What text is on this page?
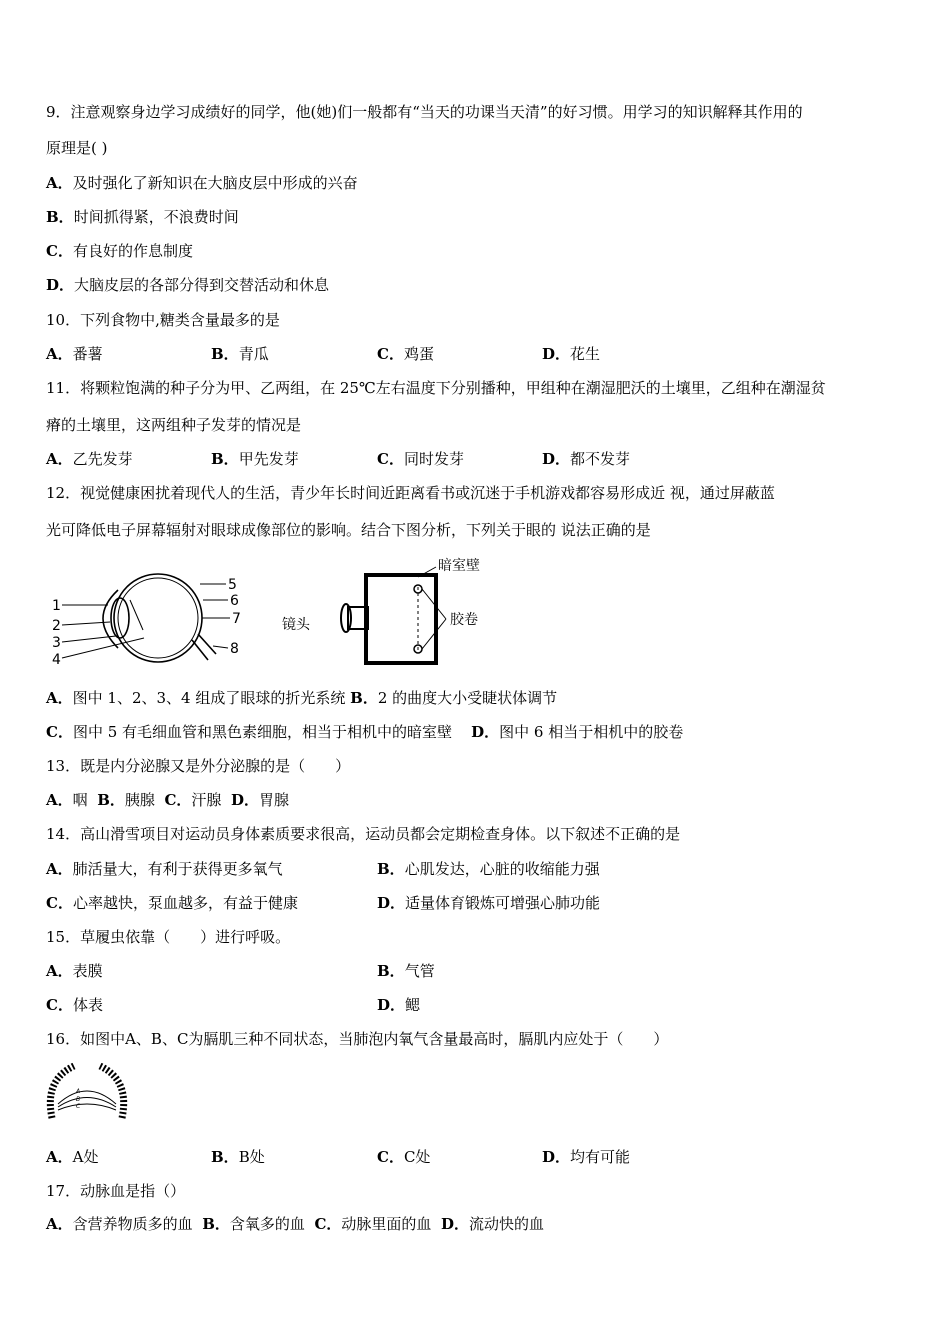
9．注意观察身边学习成绩好的同学，他(她)们一般都有“当天的功课当天清”的好习惯。用学习的知识解释其作用的
原理是( )
A．及时强化了新知识在大脑皮层中形成的兴奋
B．时间抓得紧，不浪费时间
C．有良好的作息制度
D．大脑皮层的各部分得到交替活动和休息
10．下列食物中,糖类含量最多的是
A．番薯	B．青瓜	C．鸡蛋	D．花生
11．将颗粒饱满的种子分为甲、乙两组，在 25℃左右温度下分别播种，甲组种在潮湿肥沃的土壤里，乙组种在潮湿贫
瘠的土壤里，这两组种子发芽的情况是
A．乙先发芽	B．甲先发芽	C．同时发芽	D．都不发芽
12．视觉健康困扰着现代人的生活，青少年长时间近距离看书或沉迷于手机游戏都容易形成近 视，通过屏蔽蓝
光可降低电子屏幕辐射对眼球成像部位的影响。结合下图分析，下列关于眼的 说法正确的是
1
2
3
4
5
6
7
8
暗室壁
镜头	胶卷
A．图中 1、2、3、4 组成了眼球的折光系统 B．2 的曲度大小受睫状体调节
C．图中 5 有毛细血管和黑色素细胞，相当于相机中的暗室壁 D．图中 6 相当于相机中的胶卷
13．既是内分泌腺又是外分泌腺的是（　　）
A．咽 B．胰腺 C．汗腺 D．胃腺
14．高山滑雪项目对运动员身体素质要求很高，运动员都会定期检查身体。以下叙述不正确的是
A．肺活量大，有利于获得更多氧气	B．心肌发达，心脏的收缩能力强
C．心率越快，泵血越多，有益于健康	D．适量体育锻炼可增强心肺功能
15．草履虫依靠（　　）进行呼吸。
A．表膜	B．气管
C．体表	D．鳃
16．如图中A、B、C为膈肌三种不同状态，当肺泡内氧气含量最高时，膈肌内应处于（　　）
A
B
C
A．A处	B．B处	C．C处	D．均有可能
17．动脉血是指（）
A．含营养物质多的血 B．含氧多的血 C．动脉里面的血 D．流动快的血
